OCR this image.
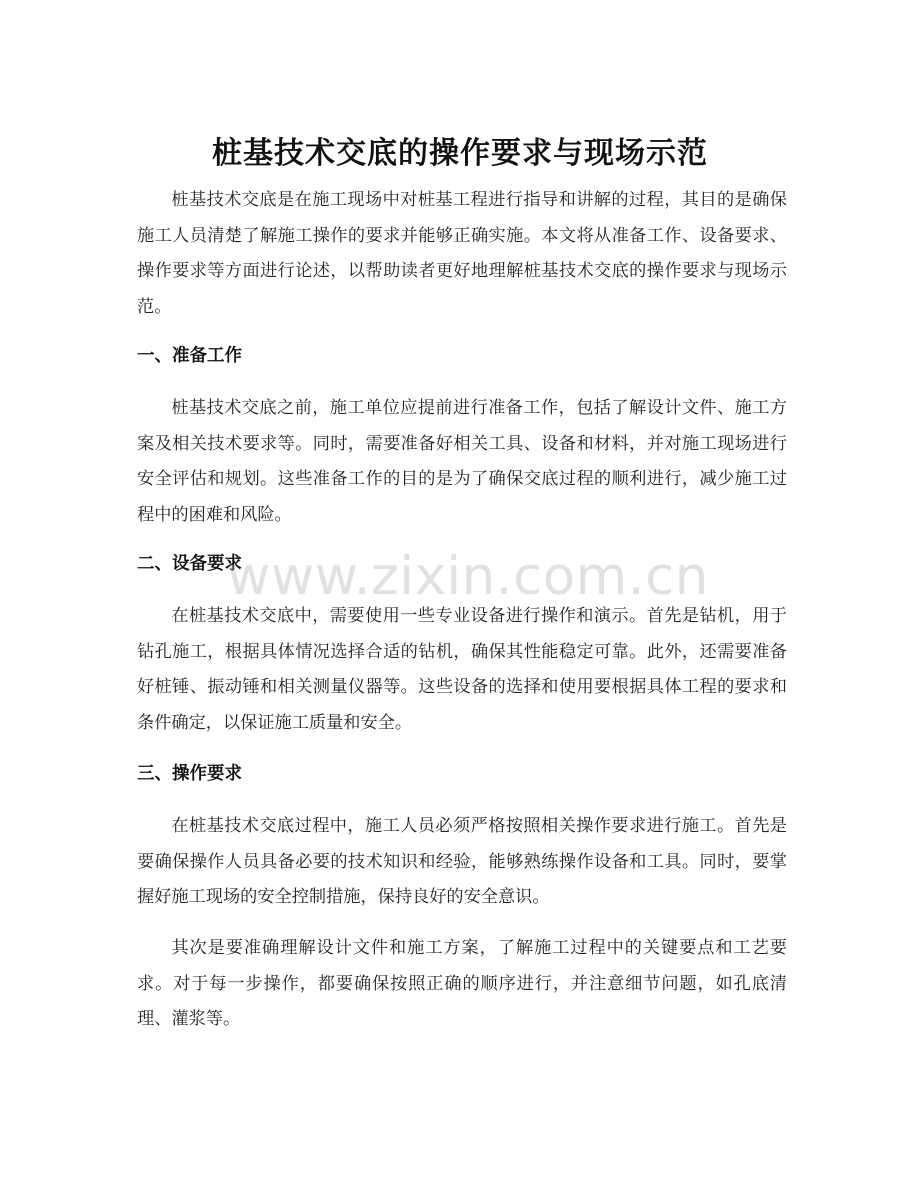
桩基技术交底的操作要求与现场示范

桩基技术交底是在施工现场中对桩基工程进行指导和讲解的过程，其目的是确保施工人员清楚了解施工操作的要求并能够正确实施。本文将从准备工作、设备要求、操作要求等方面进行论述，以帮助读者更好地理解桩基技术交底的操作要求与现场示范。

一、准备工作

桩基技术交底之前，施工单位应提前进行准备工作，包括了解设计文件、施工方案及相关技术要求等。同时，需要准备好相关工具、设备和材料，并对施工现场进行安全评估和规划。这些准备工作的目的是为了确保交底过程的顺利进行，减少施工过程中的困难和风险。

二、设备要求

在桩基技术交底中，需要使用一些专业设备进行操作和演示。首先是钻机，用于钻孔施工，根据具体情况选择合适的钻机，确保其性能稳定可靠。此外，还需要准备好桩锤、振动锤和相关测量仪器等。这些设备的选择和使用要根据具体工程的要求和条件确定，以保证施工质量和安全。

三、操作要求

在桩基技术交底过程中，施工人员必须严格按照相关操作要求进行施工。首先是要确保操作人员具备必要的技术知识和经验，能够熟练操作设备和工具。同时，要掌握好施工现场的安全控制措施，保持良好的安全意识。

其次是要准确理解设计文件和施工方案，了解施工过程中的关键要点和工艺要求。对于每一步操作，都要确保按照正确的顺序进行，并注意细节问题，如孔底清理、灌浆等。

www.zixin.com.cn
